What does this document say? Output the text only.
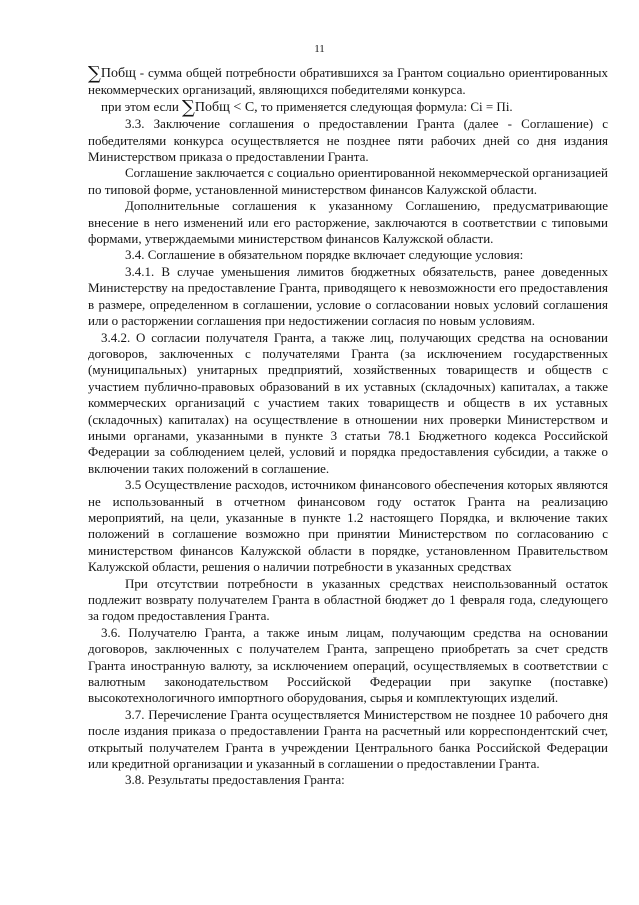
11

∑Побщ - сумма общей потребности обратившихся за Грантом социально ориентированных некоммерческих организаций, являющихся победителями конкурса.

при этом если ∑Побщ < С, то применяется следующая формула: Ci = Пi.

3.3. Заключение соглашения о предоставлении Гранта (далее - Соглашение) с победителями конкурса осуществляется не позднее пяти рабочих дней со дня издания Министерством приказа о предоставлении Гранта.

Соглашение заключается с социально ориентированной некоммерческой организацией по типовой форме, установленной министерством финансов Калужской области.

Дополнительные соглашения к указанному Соглашению, предусматривающие внесение в него изменений или его расторжение, заключаются в соответствии с типовыми формами, утверждаемыми министерством финансов Калужской области.

3.4. Соглашение в обязательном порядке включает следующие условия:

3.4.1. В случае уменьшения лимитов бюджетных обязательств, ранее доведенных Министерству на предоставление Гранта, приводящего к невозможности его предоставления в размере, определенном в соглашении, условие о согласовании новых условий соглашения или о расторжении соглашения при недостижении согласия по новым условиям.

3.4.2. О согласии получателя Гранта, а также лиц, получающих средства на основании договоров, заключенных с получателями Гранта (за исключением государственных (муниципальных) унитарных предприятий, хозяйственных товариществ и обществ с участием публично-правовых образований в их уставных (складочных) капиталах, а также коммерческих организаций с участием таких товариществ и обществ в их уставных (складочных) капиталах) на осуществление в отношении них проверки Министерством и иными органами, указанными в пункте 3 статьи 78.1 Бюджетного кодекса Российской Федерации за соблюдением целей, условий и порядка предоставления субсидии, а также о включении таких положений в соглашение.

3.5 Осуществление расходов, источником финансового обеспечения которых являются не использованный в отчетном финансовом году остаток Гранта на реализацию мероприятий, на цели, указанные в пункте 1.2 настоящего Порядка, и включение таких положений в соглашение возможно при принятии Министерством по согласованию с министерством финансов Калужской области в порядке, установленном Правительством Калужской области, решения о наличии потребности в указанных средствах

При отсутствии потребности в указанных средствах неиспользованный остаток подлежит возврату получателем Гранта в областной бюджет до 1 февраля года, следующего за годом предоставления Гранта.

3.6. Получателю Гранта, а также иным лицам, получающим средства на основании договоров, заключенных с получателем Гранта, запрещено приобретать за счет средств Гранта иностранную валюту, за исключением операций, осуществляемых в соответствии с валютным законодательством Российской Федерации при закупке (поставке) высокотехнологичного импортного оборудования, сырья и комплектующих изделий.

3.7. Перечисление Гранта осуществляется Министерством не позднее 10 рабочего дня после издания приказа о предоставлении Гранта на расчетный или корреспондентский счет, открытый получателем Гранта в учреждении Центрального банка Российской Федерации или кредитной организации и указанный в соглашении о предоставлении Гранта.

3.8. Результаты предоставления Гранта:
